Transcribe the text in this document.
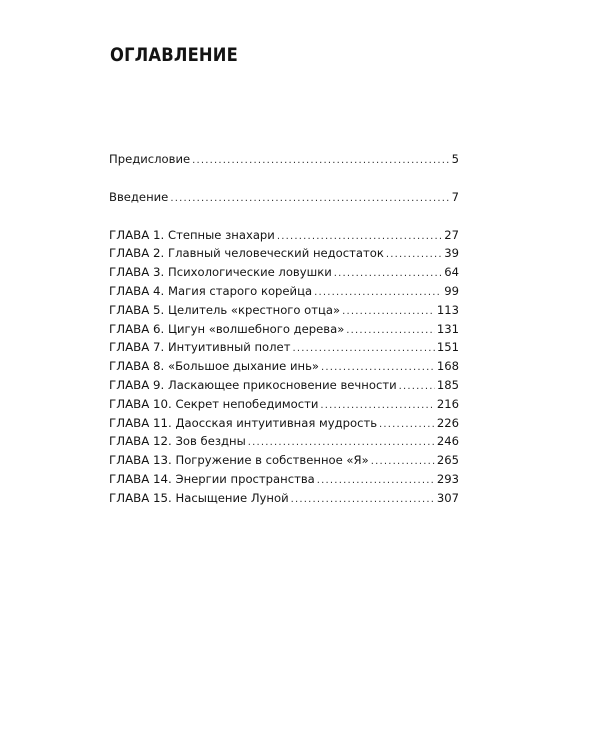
ОГЛАВЛЕНИЕ
Предисловие .....	5
Введение .....	7
ГЛАВА 1. Степные знахари .....	27
ГЛАВА 2. Главный человеческий недостаток .....	39
ГЛАВА 3. Психологические ловушки .....	64
ГЛАВА 4. Магия старого корейца .....	99
ГЛАВА 5. Целитель «крестного отца» .....	113
ГЛАВА 6. Цигун «волшебного дерева» .....	131
ГЛАВА 7. Интуитивный полет .....	151
ГЛАВА 8. «Большое дыхание инь» .....	168
ГЛАВА 9. Ласкающее прикосновение вечности .....	185
ГЛАВА 10. Секрет непобедимости .....	216
ГЛАВА 11. Даосская интуитивная мудрость .....	226
ГЛАВА 12. Зов бездны .....	246
ГЛАВА 13. Погружение в собственное «Я» .....	265
ГЛАВА 14. Энергии пространства .....	293
ГЛАВА 15. Насыщение Луной .....	307
